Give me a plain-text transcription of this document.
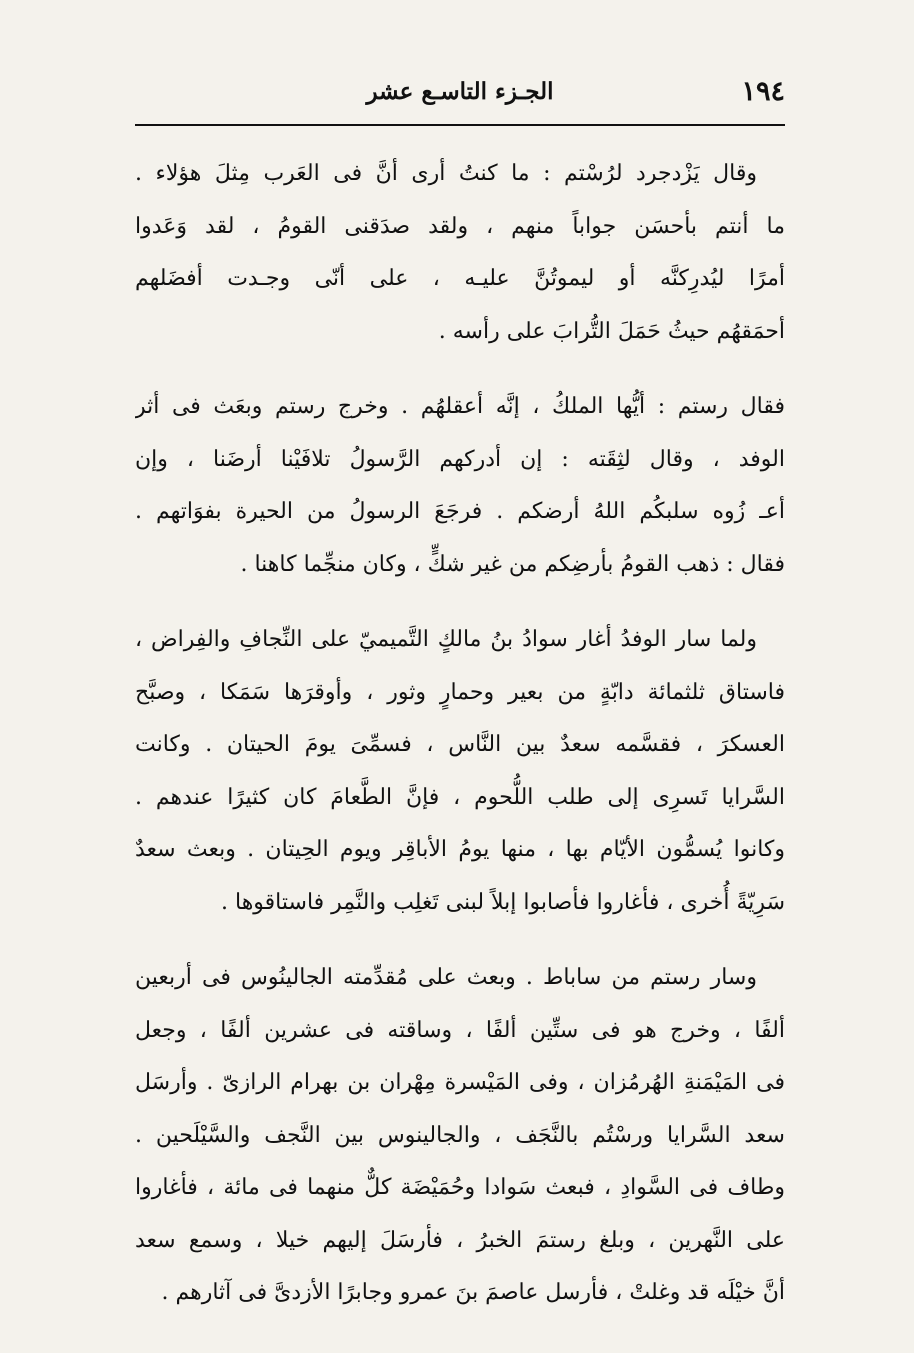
١٩٤
الجـزء التاسـع عشر
وقال يَزْدجرد لرُسْتم : ما كنتُ أرى أنَّ فى العَرب مِثلَ هؤلاء .
ما أنتم بأحسَن جواباً منهم ، ولقد صدَقنى القومُ ، لقد وَعَدوا
أمرًا ليُدرِكنَّه أو ليموتُنَّ عليـه ، على أنّى وجـدت أفضَلهم
أحمَقهُم حيثُ حَمَلَ التُّرابَ على رأسه .
فقال رستم : أيُّها الملكُ ، إنَّه أعقلهُم . وخرج رستم وبعَث فى أثر
الوفد ، وقال لثِقَته : إن أدركهم الرَّسولُ تلافَيْنا أرضَنا ، وإن
أعـ زُوه سلبكُم اللهُ أرضكم . فرجَعَ الرسولُ من الحيرة بفوَاتهم .
فقال : ذهب القومُ بأرضِكم من غير شكٍّ ، وكان منجِّما كاهنا .
ولما سار الوفدُ أغار سوادُ بنُ مالكٍ التَّميميّ على النِّجافِ والفِراض ،
فاستاق ثلثمائة دابّةٍ من بعير وحمارٍ وثور ، وأوقرَها سَمَكا ، وصبَّح
العسكرَ ، فقسَّمه سعدٌ بين النَّاس ، فسمِّىَ يومَ الحيتان . وكانت
السَّرايا تَسرِى إلى طلب اللُّحوم ، فإنَّ الطَّعامَ كان كثيرًا عندهم .
وكانوا يُسمُّون الأيّام بها ، منها يومُ الأباقِر ويوم الحِيتان . وبعث سعدٌ
سَرِيّةً أُخرى ، فأغاروا فأصابوا إبلاً لبنى تَغلِب والنَّمِر فاستاقوها .
وسار رستم من ساباط . وبعث على مُقدِّمته الجالينُوس فى أربعين
ألفًا ، وخرج هو فى ستِّين ألفًا ، وساقته فى عشرين ألفًا ، وجعل
فى المَيْمَنةِ الهُرمُزان ، وفى المَيْسرة مِهْران بن بهرام الرازىّ . وأرسَل
سعد السَّرايا ورسْتُم بالنَّجَف ، والجالينوس بين النَّجف والسَّيْلَحين .
وطاف فى السَّوادِ ، فبعث سَوادا وحُمَيْضَة كلٌّ منهما فى مائة ، فأغاروا
على النَّهرين ، وبلغ رستمَ الخبرُ ، فأرسَلَ إليهم خيلا ، وسمع سعد
أنَّ خيْلَه قد وغلتْ ، فأرسل عاصمَ بنَ عمرو وجابرًا الأزدىَّ فى آثارهم .
